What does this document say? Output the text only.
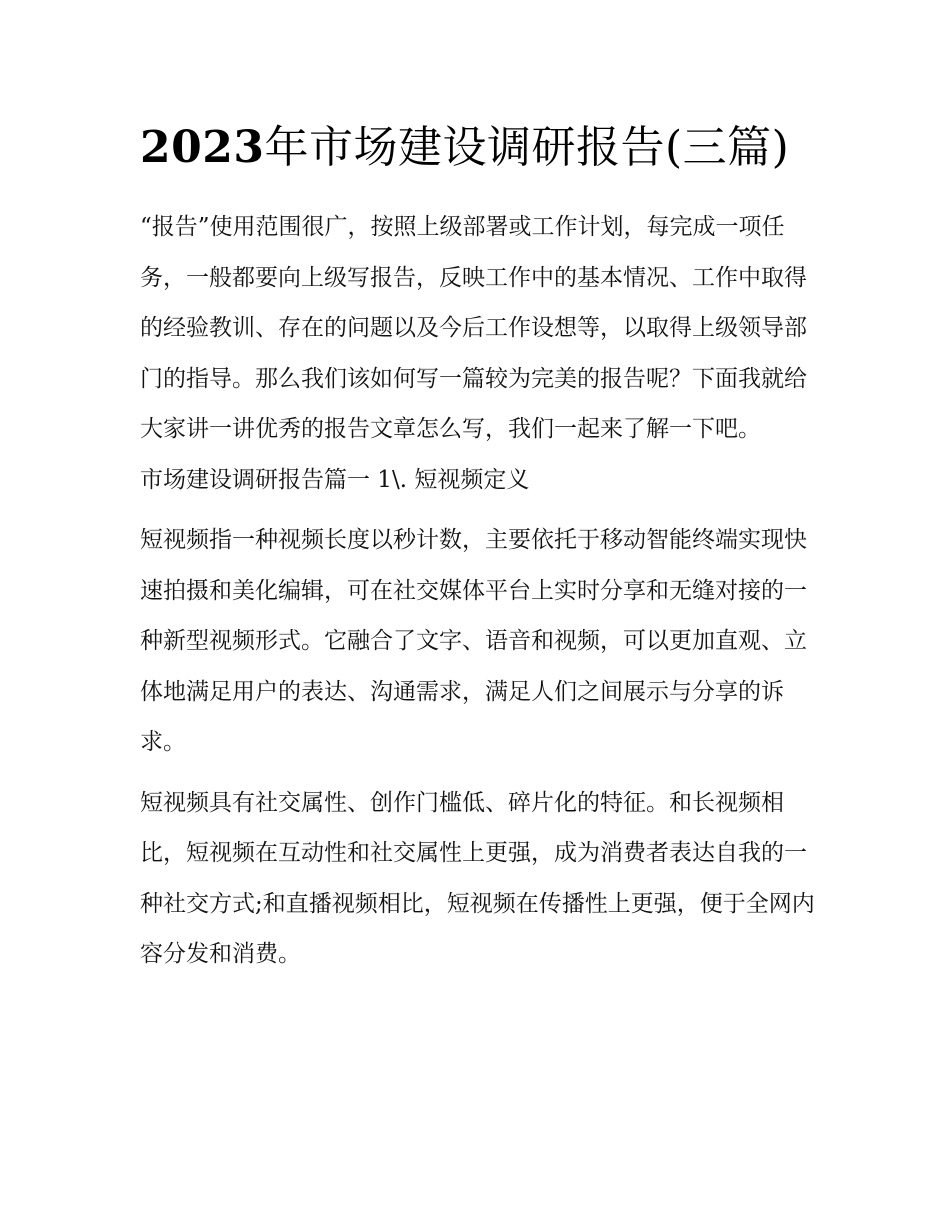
2023年市场建设调研报告(三篇)

“报告”使用范围很广，按照上级部署或工作计划，每完成一项任务，一般都要向上级写报告，反映工作中的基本情况、工作中取得的经验教训、存在的问题以及今后工作设想等，以取得上级领导部门的指导。那么我们该如何写一篇较为完美的报告呢？下面我就给大家讲一讲优秀的报告文章怎么写，我们一起来了解一下吧。

市场建设调研报告篇一 1\. 短视频定义

短视频指一种视频长度以秒计数，主要依托于移动智能终端实现快速拍摄和美化编辑，可在社交媒体平台上实时分享和无缝对接的一种新型视频形式。它融合了文字、语音和视频，可以更加直观、立体地满足用户的表达、沟通需求，满足人们之间展示与分享的诉求。

短视频具有社交属性、创作门槛低、碎片化的特征。和长视频相比，短视频在互动性和社交属性上更强，成为消费者表达自我的一种社交方式;和直播视频相比，短视频在传播性上更强，便于全网内容分发和消费。
